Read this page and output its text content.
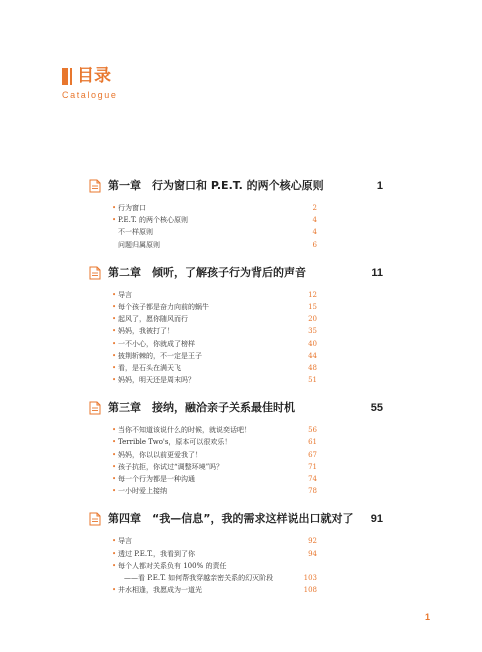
目录
Catalogue
第一章　行为窗口和 P.E.T. 的两个核心原则	1
• 行为窗口	2
• P.E.T. 的两个核心原则	4
不一样原则	4
问题归属原则	6
第二章　倾听，了解孩子行为背后的声音	11
• 导言	12
• 每个孩子都是奋力向前的蜗牛	15
• 起风了，愿你随风而行	20
• 妈妈，我被打了！	35
• 一不小心，你就成了榜样	40
• 披荆斩棘的，不一定是王子	44
• 看，是石头在满天飞	48
• 妈妈，明天还是周末吗？	51
第三章　接纳，融洽亲子关系最佳时机	55
• 当你不知道该说什么的时候，就说奕话吧！	56
• Terrible Two's，原本可以很欢乐！	61
• 妈妈，你以以前更爱我了！	67
• 孩子抗拒，你试过“调整环境”吗？	71
• 每一个行为都是一种沟通	74
• 一小时爱上接纳	78
第四章　“我—信息”，我的需求这样说出口就对了 91
• 导言	92
• 透过 P.E.T.，我看到了你	94
• 每个人都对关系负有 100% 的责任
——看 P.E.T. 如何帮我穿越亲密关系的幻灭阶段	103
• 井水相逢，我愿成为一道光	108
1
